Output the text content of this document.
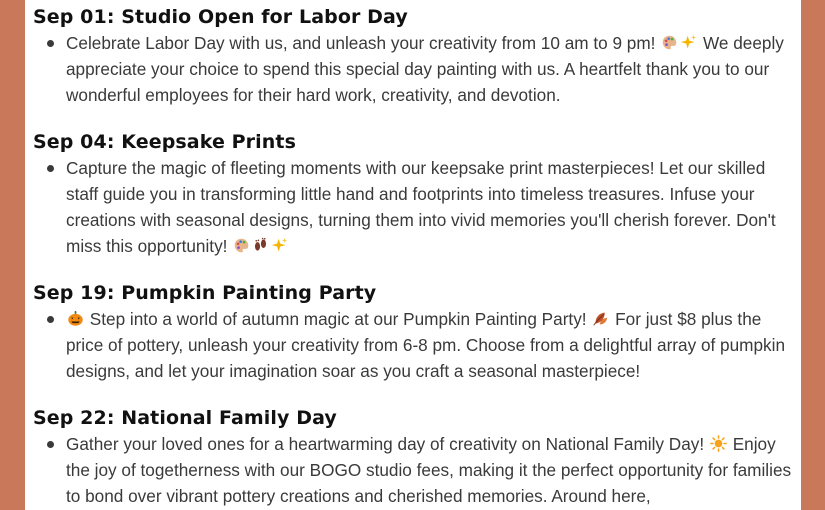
Sep 01: Studio Open for Labor Day
Celebrate Labor Day with us, and unleash your creativity from 10 am to 9 pm!	We deeply appreciate your choice to spend this special day painting with us. A heartfelt thank you to our wonderful employees for their hard work, creativity, and devotion.
Sep 04: Keepsake Prints
Capture the magic of fleeting moments with our keepsake print masterpieces! Let our skilled staff guide you in transforming little hand and footprints into timeless treasures. Infuse your creations with seasonal designs, turning them into vivid memories you'll cherish forever. Don't miss this opportunity!
Sep 19: Pumpkin Painting Party
Step into a world of autumn magic at our Pumpkin Painting Party! For just $8 plus the price of pottery, unleash your creativity from 6-8 pm. Choose from a delightful array of pumpkin designs, and let your imagination soar as you craft a seasonal masterpiece!
Sep 22: National Family Day
Gather your loved ones for a heartwarming day of creativity on National Family Day! Enjoy the joy of togetherness with our BOGO studio fees, making it the perfect opportunity for families to bond over vibrant pottery creations and cherished memories. Around here,
